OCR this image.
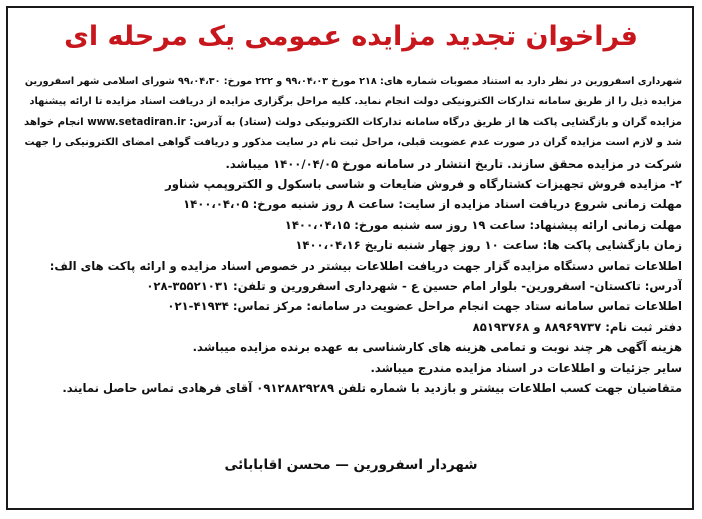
فراخوان تجدید مزایده عمومی یک مرحله ای
شهرداری اسفرورین در نظر دارد به استناد مصوبات شماره های: ۲۱۸ مورخ ۹۹،۰۴،۰۳ و ۲۲۲ مورخ: ۹۹،۰۴،۳۰ شورای اسلامی شهر اسفرورین
مزایده ذیل را از طریق سامانه تدارکات الکترونیکی دولت انجام نماید. کلیه مراحل برگزاری مزایده از دریافت اسناد مزایده تا ارائه پیشنهاد
مزایده گران و بازگشایی پاکت ها از طریق درگاه سامانه تدارکات الکترونیکی دولت (ستاد) به آدرس: www.setadiran.ir انجام خواهد
شد و لازم است مزایده گران در صورت عدم عضویت قبلی، مراحل ثبت نام در سایت مذکور و دریافت گواهی امضای الکترونیکی را جهت
شرکت در مزایده محقق سازند. تاریخ انتشار در سامانه مورخ ۱۴۰۰/۰۴/۰۵ میباشد.
۲- مزایده فروش تجهیزات کشتارگاه و فروش ضایعات و شاسی باسکول و الکتروپمپ شناور
مهلت زمانی شروع دریافت اسناد مزایده از سایت: ساعت ۸ روز شنبه مورخ: ۱۴۰۰،۰۴،۰۵
مهلت زمانی ارائه پیشنهاد: ساعت ۱۹ روز سه شنبه مورخ: ۱۴۰۰،۰۴،۱۵
زمان بازگشایی پاکت ها: ساعت ۱۰ روز چهار شنبه تاریخ ۱۴۰۰،۰۴،۱۶
اطلاعات تماس دستگاه مزایده گزار جهت دریافت اطلاعات بیشتر در خصوص اسناد مزایده و ارائه پاکت های الف:
آدرس: تاکستان- اسفرورین- بلوار امام حسین ع - شهرداری اسفرورین و تلفن: ۳۵۵۲۱۰۳۱-۰۲۸
اطلاعات تماس سامانه ستاد جهت انجام مراحل عضویت در سامانه: مرکز تماس: ۴۱۹۳۴-۰۲۱
دفتر ثبت نام: ۸۸۹۶۹۷۳۷ و ۸۵۱۹۳۷۶۸
هزینه آگهی هر چند نوبت و تمامی هزینه های کارشناسی به عهده برنده مزایده میباشد.
سایر جزئیات و اطلاعات در اسناد مزایده مندرج میباشد.
متقاضیان جهت کسب اطلاعات بیشتر و بازدید با شماره تلفن ۰۹۱۲۸۸۲۹۲۸۹ آقای فرهادی تماس حاصل نمایند.
شهردار اسفرورین — محسن اقابابائی
